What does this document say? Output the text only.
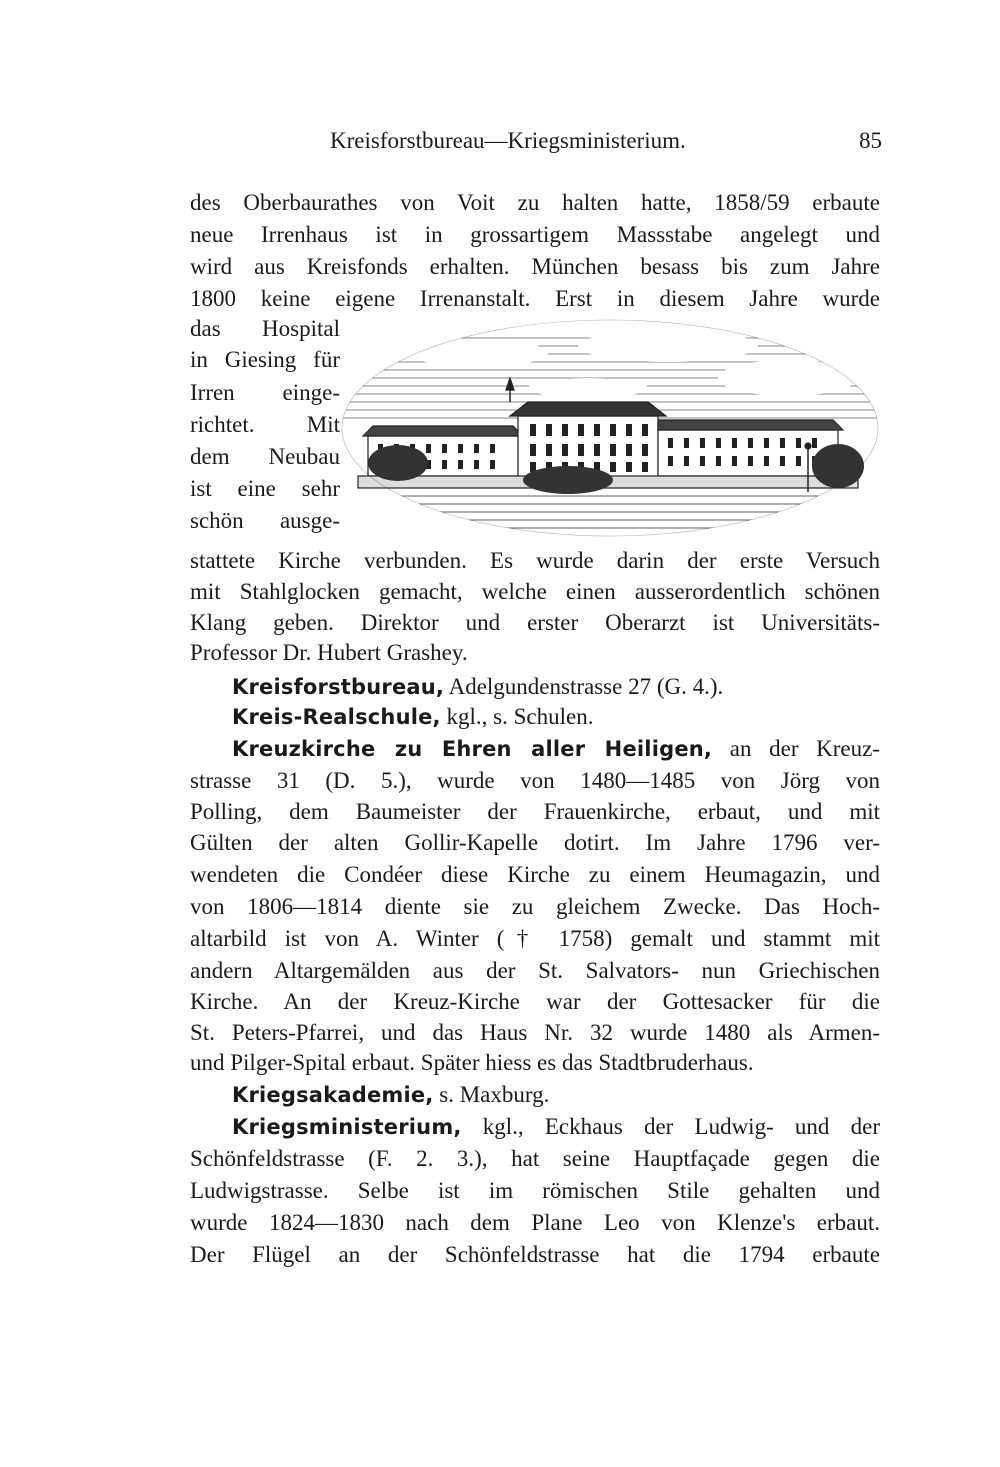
Kreisforstbureau—Kriegsministerium.	85
des Oberbaurathes von Voit zu halten hatte, 1858/59 erbaute
neue Irrenhaus ist in grossartigem Massstabe angelegt und
wird aus Kreisfonds erhalten. München besass bis zum Jahre
1800 keine eigene Irrenanstalt. Erst in diesem Jahre wurde
das Hospital
in Giesing für
Irren einge-
richtet. Mit
dem Neubau
ist eine sehr
schön ausge-
stattete Kirche verbunden. Es wurde darin der erste Versuch
mit Stahlglocken gemacht, welche einen ausserordentlich schönen
Klang geben. Direktor und erster Oberarzt ist Universitäts-
Professor Dr. Hubert Grashey.
Kreisforstbureau, Adelgundenstrasse 27 (G. 4.).
Kreis-Realschule, kgl., s. Schulen.
Kreuzkirche zu Ehren aller Heiligen, an der Kreuz-
strasse 31 (D. 5.), wurde von 1480—1485 von Jörg von
Polling, dem Baumeister der Frauenkirche, erbaut, und mit
Gülten der alten Gollir-Kapelle dotirt. Im Jahre 1796 ver-
wendeten die Condéer diese Kirche zu einem Heumagazin, und
von 1806—1814 diente sie zu gleichem Zwecke. Das Hoch-
altarbild ist von A. Winter († 1758) gemalt und stammt mit
andern Altargemälden aus der St. Salvators- nun Griechischen
Kirche. An der Kreuz-Kirche war der Gottesacker für die
St. Peters-Pfarrei, und das Haus Nr. 32 wurde 1480 als Armen-
und Pilger-Spital erbaut. Später hiess es das Stadtbruderhaus.
Kriegsakademie, s. Maxburg.
Kriegsministerium, kgl., Eckhaus der Ludwig- und der
Schönfeldstrasse (F. 2. 3.), hat seine Hauptfaçade gegen die
Ludwigstrasse. Selbe ist im römischen Stile gehalten und
wurde 1824—1830 nach dem Plane Leo von Klenze's erbaut.
Der Flügel an der Schönfeldstrasse hat die 1794 erbaute
